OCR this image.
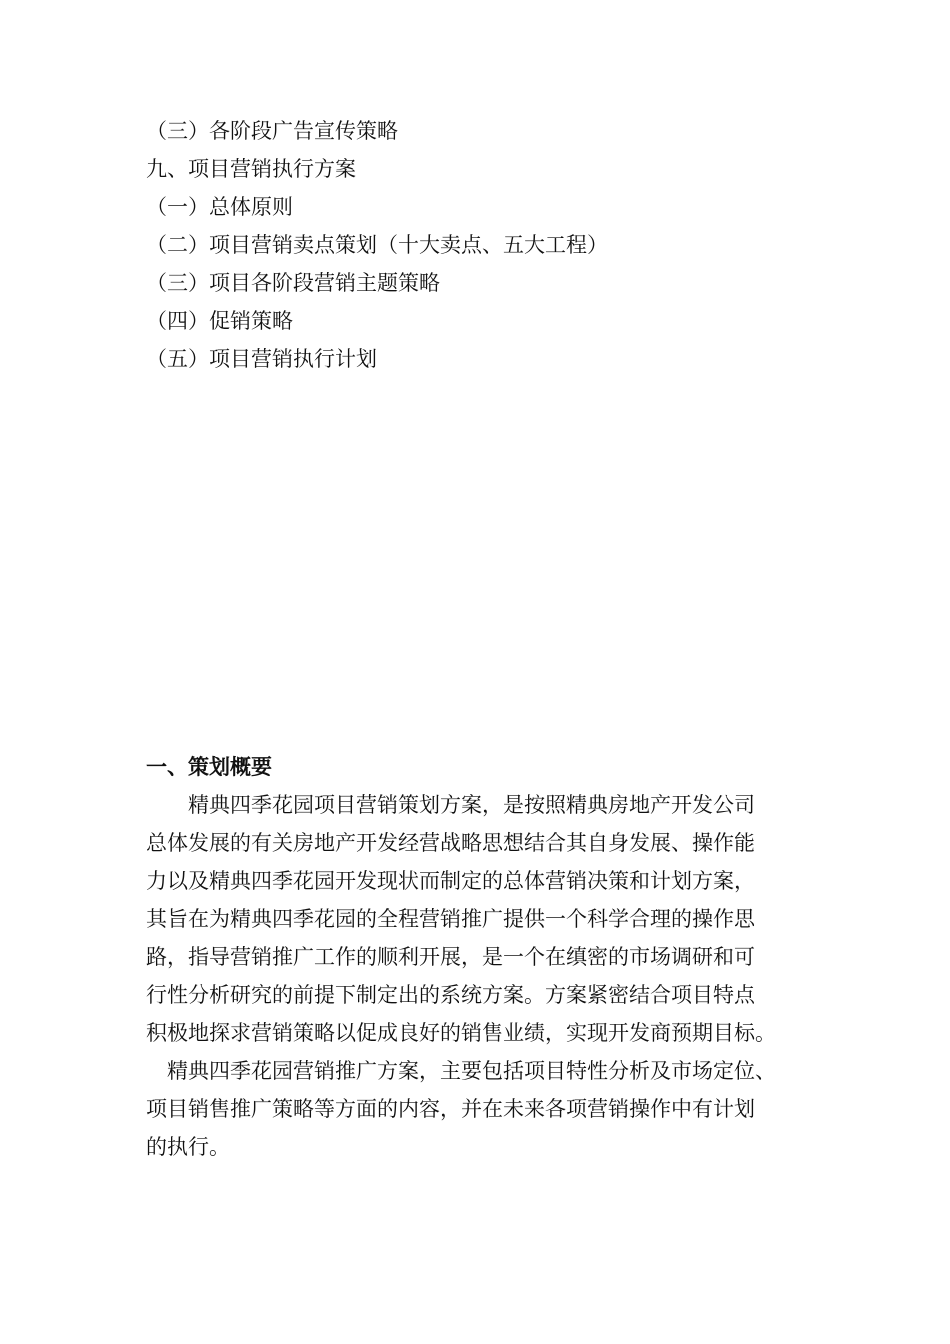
（三）各阶段广告宣传策略
九、项目营销执行方案
（一）总体原则
（二）项目营销卖点策划（十大卖点、五大工程）
（三）项目各阶段营销主题策略
（四）促销策略
（五）项目营销执行计划
一、策划概要
　　精典四季花园项目营销策划方案，是按照精典房地产开发公司
总体发展的有关房地产开发经营战略思想结合其自身发展、操作能
力以及精典四季花园开发现状而制定的总体营销决策和计划方案，
其旨在为精典四季花园的全程营销推广提供一个科学合理的操作思
路，指导营销推广工作的顺利开展，是一个在缜密的市场调研和可
行性分析研究的前提下制定出的系统方案。方案紧密结合项目特点
积极地探求营销策略以促成良好的销售业绩，实现开发商预期目标。
　精典四季花园营销推广方案，主要包括项目特性分析及市场定位、
项目销售推广策略等方面的内容，并在未来各项营销操作中有计划
的执行。
